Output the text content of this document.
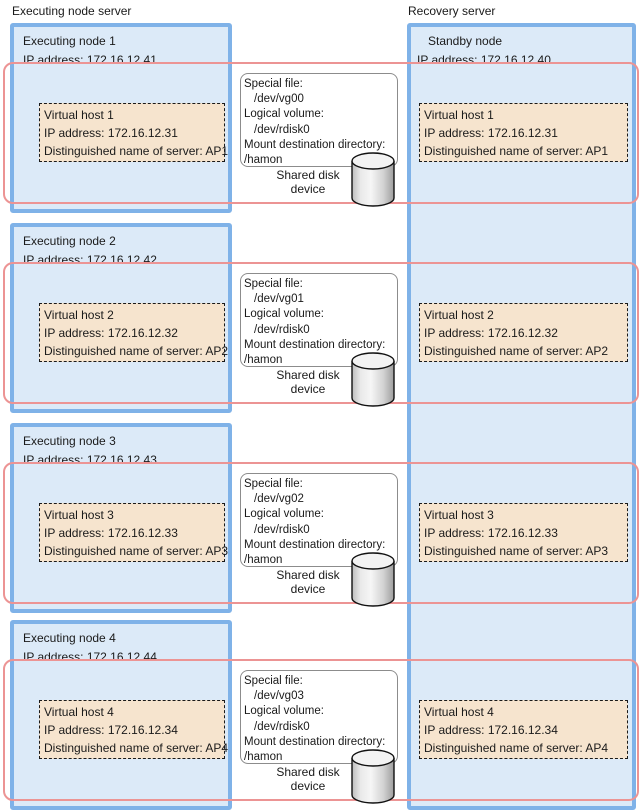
Executing node server	Recovery server
Standby node
IP address: 172.16.12.40
Executing node 1
IP address: 172.16.12.41
Virtual host 1
IP address: 172.16.12.31
Distinguished name of server: AP1
Special file:
/dev/vg00
Logical volume:
/dev/rdisk0
Mount destination directory:
/hamon
Shared disk
device
Virtual host 1
IP address: 172.16.12.31
Distinguished name of server: AP1
Executing node 2
IP address: 172.16.12.42
Virtual host 2
IP address: 172.16.12.32
Distinguished name of server: AP2
Special file:
/dev/vg01
Logical volume:
/dev/rdisk0
Mount destination directory:
/hamon
Shared disk
device
Virtual host 2
IP address: 172.16.12.32
Distinguished name of server: AP2
Executing node 3
IP address: 172.16.12.43
Virtual host 3
IP address: 172.16.12.33
Distinguished name of server: AP3
Special file:
/dev/vg02
Logical volume:
/dev/rdisk0
Mount destination directory:
/hamon
Shared disk
device
Virtual host 3
IP address: 172.16.12.33
Distinguished name of server: AP3
Executing node 4
IP address: 172.16.12.44
Virtual host 4
IP address: 172.16.12.34
Distinguished name of server: AP4
Special file:
/dev/vg03
Logical volume:
/dev/rdisk0
Mount destination directory:
/hamon
Shared disk
device
Virtual host 4
IP address: 172.16.12.34
Distinguished name of server: AP4
